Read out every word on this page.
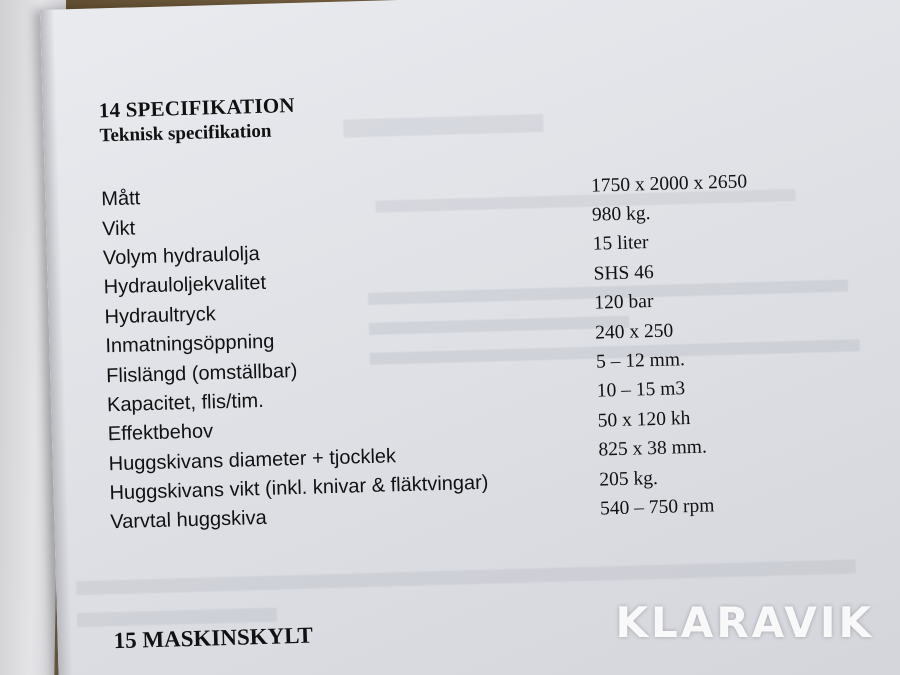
14 SPECIFIKATION
Teknisk specifikation
Mått	1750 x 2000 x 2650
Vikt	980 kg.
Volym hydraulolja	15 liter
Hydrauloljekvalitet	SHS 46
Hydraultryck	120 bar
Inmatningsöppning	240 x 250
Flislängd (omställbar)	5 – 12 mm.
Kapacitet, flis/tim.	10 – 15 m3
Effektbehov	50 x 120 kh
Huggskivans diameter + tjocklek	825 x 38 mm.
Huggskivans vikt (inkl. knivar & fläktvingar)	205 kg.
Varvtal huggskiva	540 – 750 rpm
15 MASKINSKYLT	KLARAVIK
